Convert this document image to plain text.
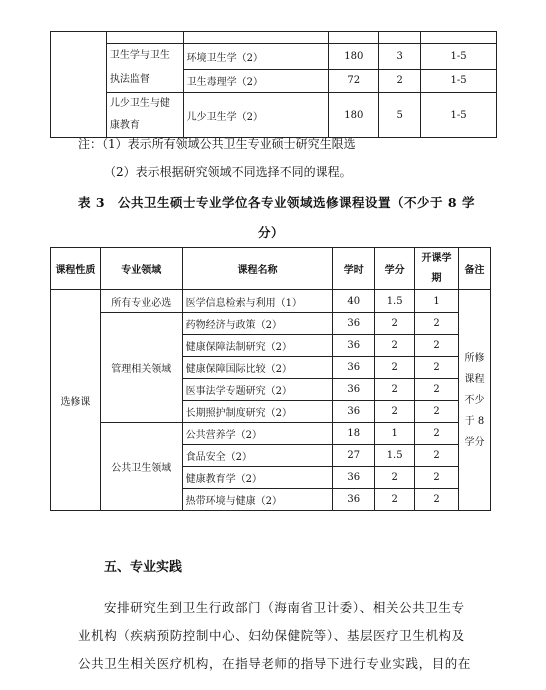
	卫生学与卫生执法监督	环境卫生学（2）	180	3	1-5
		卫生毒理学（2）	72	2	1-5
	儿少卫生与健康教育	儿少卫生学（2）	180	5	1-5

注：（1）表示所有领域公共卫生专业硕士研究生限选

（2）表示根据研究领域不同选择不同的课程。

表 3　公共卫生硕士专业学位各专业领域选修课程设置（不少于 8 学

分）

课程性质	专业领域	课程名称	学时	学分	开课学
期	备注
选修课	所有专业必选	医学信息检索与利用（1）	40	1.5	1	所修
课程
不少
于 8
学分
	管理相关领域	药物经济与政策（2）	36	2	2	
		健康保障法制研究（2）	36	2	2	
		健康保障国际比较（2）	36	2	2	
		医事法学专题研究（2）	36	2	2	
		长期照护制度研究（2）	36	2	2	
	公共卫生领域	公共营养学（2）	18	1	2	
		食品安全（2）	27	1.5	2	
		健康教育学（2）	36	2	2	
		热带环境与健康（2）	36	2	2	

五、专业实践

安排研究生到卫生行政部门（海南省卫计委）、相关公共卫生专

业机构（疾病预防控制中心、妇幼保健院等）、基层医疗卫生机构及

公共卫生相关医疗机构，在指导老师的指导下进行专业实践，目的在
